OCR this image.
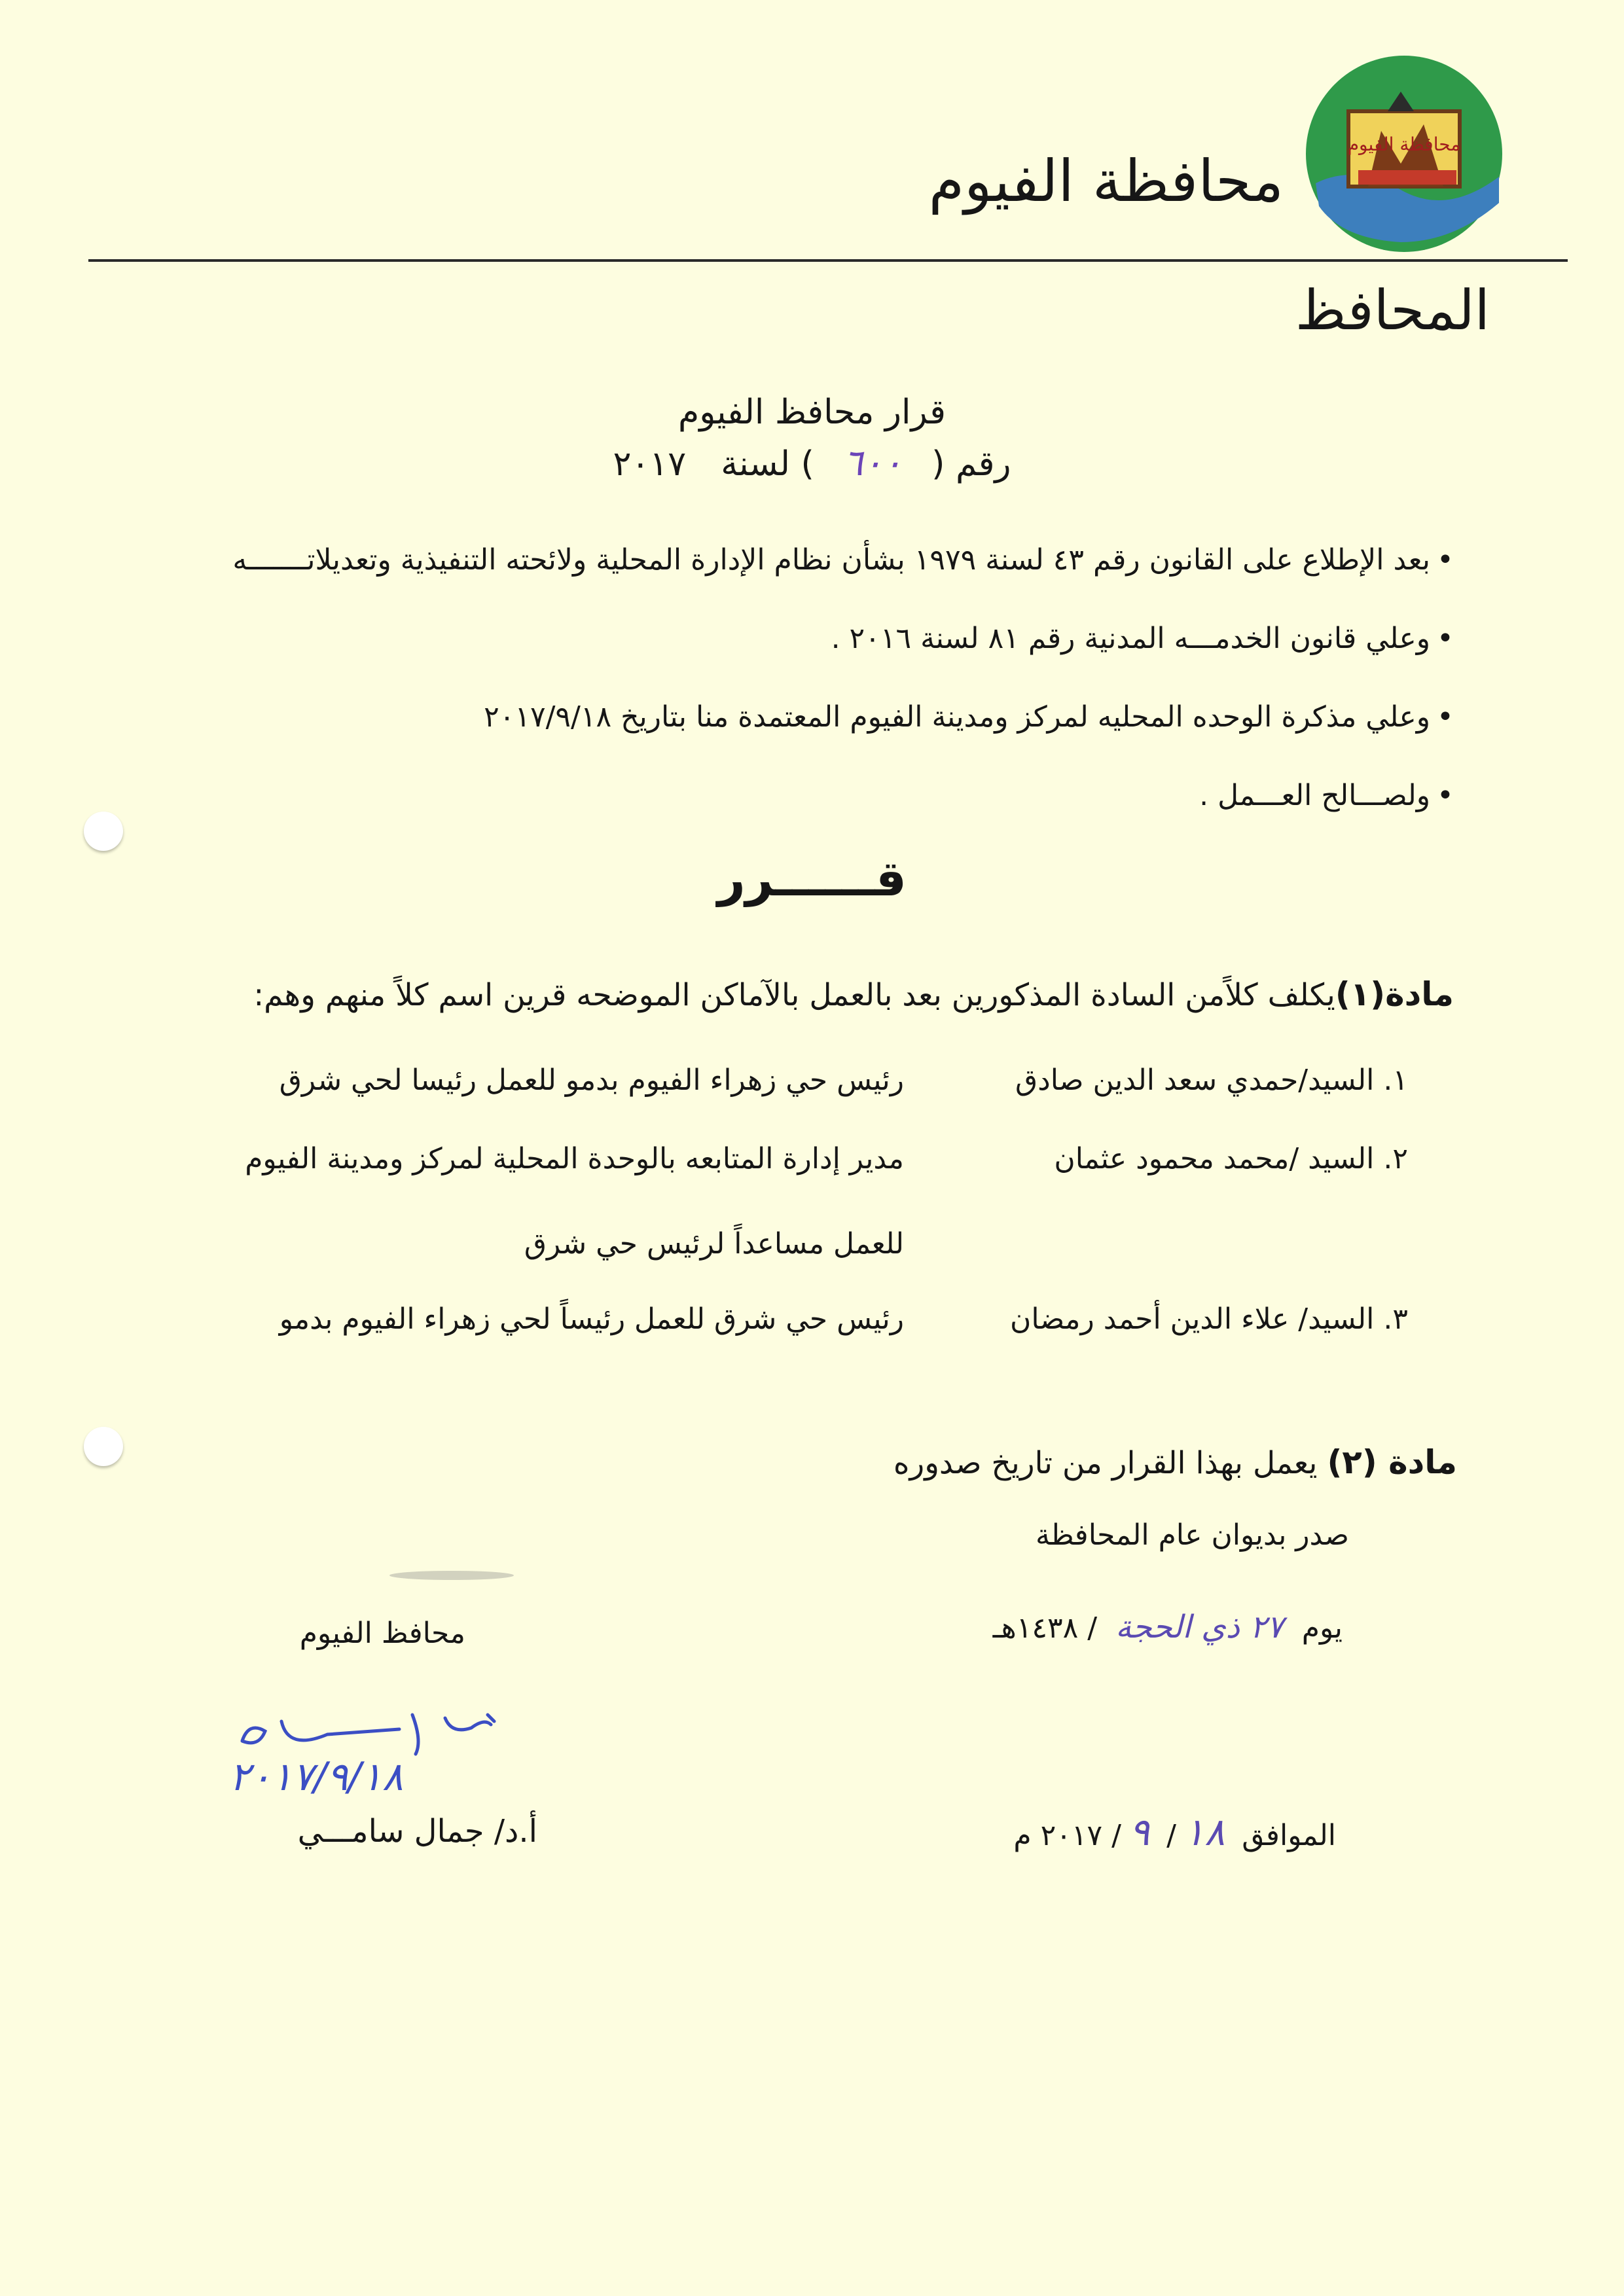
محافظة الفيوم
محافظة الفيوم
المحافظ
قرار محافظ الفيوم
رقم ( ٦٠٠ ) لسنة  ٢٠١٧
•بعد الإطلاع على القانون رقم ٤٣ لسنة ١٩٧٩ بشأن نظام الإدارة المحلية ولائحته التنفيذية وتعديلاتـــــــه
•وعلي قانون الخدمـــه المدنية رقم ٨١ لسنة ٢٠١٦ .
•وعلي مذكرة الوحده المحليه لمركز ومدينة الفيوم المعتمدة منا بتاريخ ٢٠١٧/٩/١٨
•ولصـــالح العـــمل .
قــــــرر
مادة(١)يكلف كلاًمن السادة المذكورين بعد بالعمل بالآماكن الموضحه قرين اسم كلاً منهم وهم:
١. السيد/حمدي سعد الدين صادق
رئيس حي زهراء الفيوم بدمو للعمل رئيسا لحي شرق
٢. السيد /محمد محمود عثمان
مدير إدارة المتابعه بالوحدة المحلية لمركز ومدينة الفيوم
للعمل مساعداً لرئيس حي شرق
٣. السيد/ علاء الدين أحمد رمضان
رئيس حي شرق للعمل رئيساً لحي زهراء الفيوم بدمو
مادة (٢) يعمل بهذا القرار من تاريخ صدوره
صدر بديوان عام المحافظة
يوم ٢٧ ذي الحجة / ١٤٣٨هـ
الموافق ١٨/ ٩/ ٢٠١٧ م
محافظ الفيوم
٢٠١٧/٩/١٨
أ.د/ جمال سامـــي
